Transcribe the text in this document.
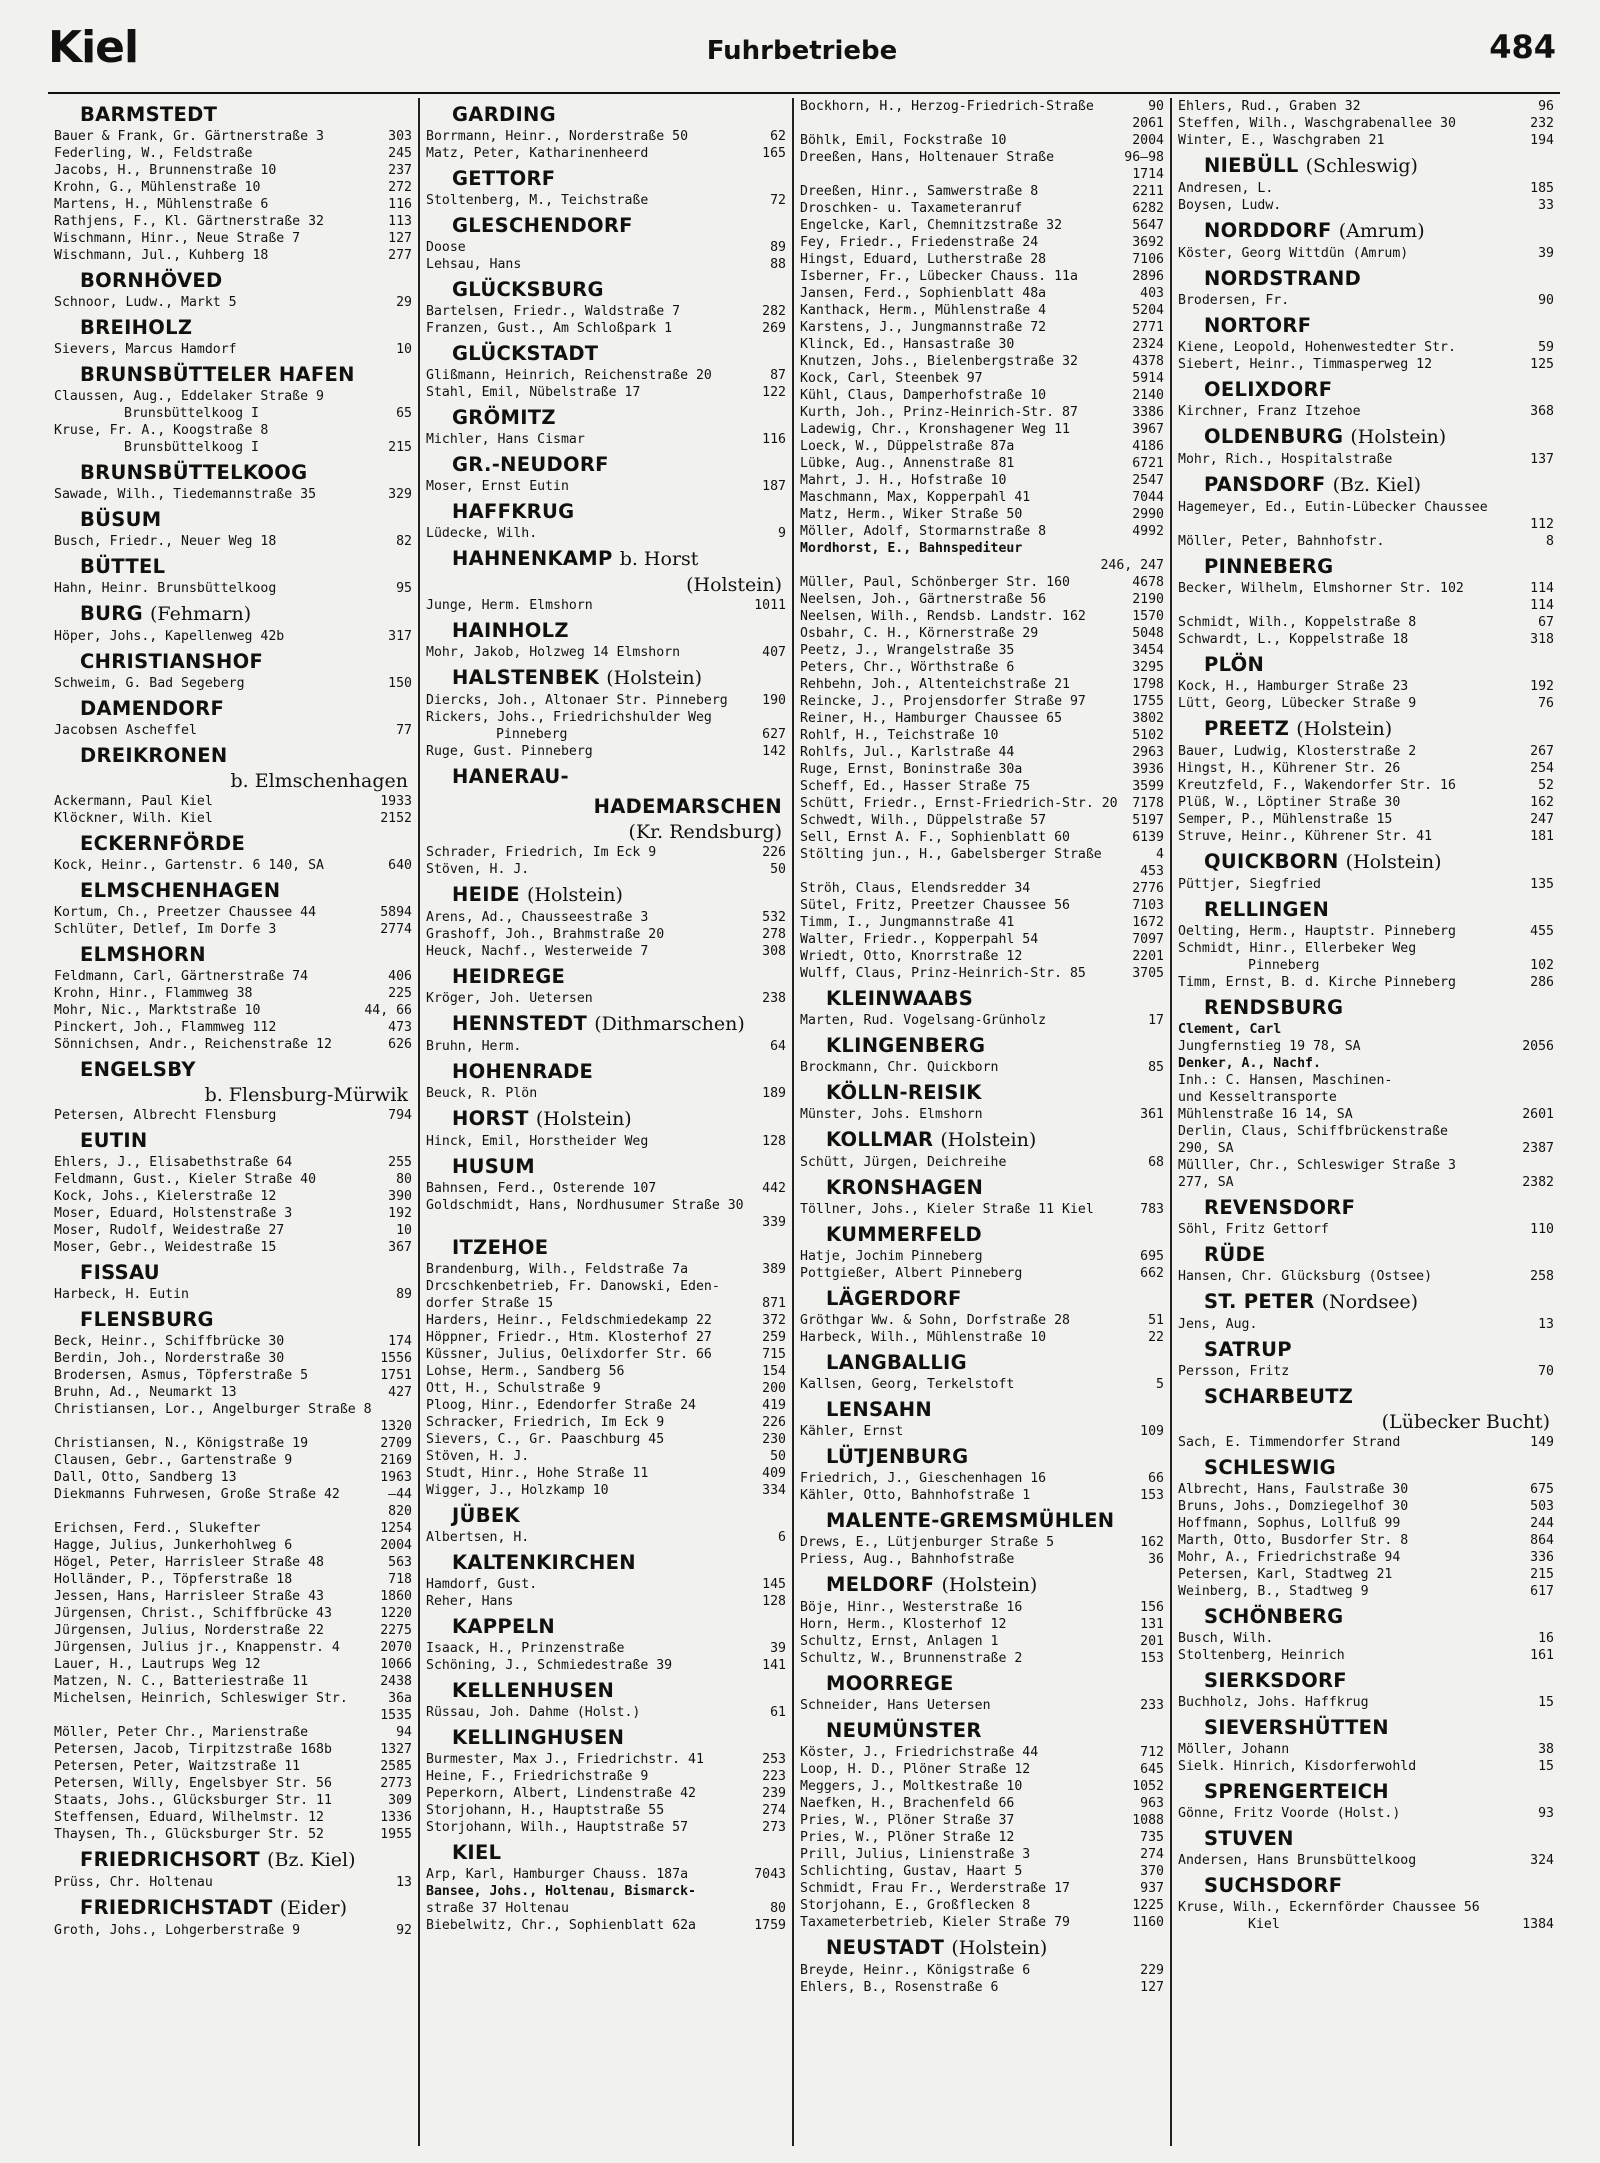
Kiel	Fuhrbetriebe	484
BARMSTEDT
Bauer & Frank, Gr. Gärtnerstraße 3	303
Federling, W., Feldstraße	245
Jacobs, H., Brunnenstraße 10	237
Krohn, G., Mühlenstraße 10	272
Martens, H., Mühlenstraße 6	116
Rathjens, F., Kl. Gärtnerstraße 32	113
Wischmann, Hinr., Neue Straße 7	127
Wischmann, Jul., Kuhberg 18	277
BORNHÖVED
Schnoor, Ludw., Markt 5	29
BREIHOLZ
Sievers, Marcus Hamdorf	10
BRUNSBÜTTELER HAFEN
Claussen, Aug., Eddelaker Straße 9
Brunsbüttelkoog I	65
Kruse, Fr. A., Koogstraße 8
Brunsbüttelkoog I	215
BRUNSBÜTTELKOOG
Sawade, Wilh., Tiedemannstraße 35	329
BÜSUM
Busch, Friedr., Neuer Weg 18	82
BÜTTEL
Hahn, Heinr. Brunsbüttelkoog	95
BURG (Fehmarn)
Höper, Johs., Kapellenweg 42b	317
CHRISTIANSHOF
Schweim, G. Bad Segeberg	150
DAMENDORF
Jacobsen Ascheffel	77
DREIKRONEN
b. Elmschenhagen
Ackermann, Paul Kiel	1933
Klöckner, Wilh. Kiel	2152
ECKERNFÖRDE
Kock, Heinr., Gartenstr. 6 140, SA	640
ELMSCHENHAGEN
Kortum, Ch., Preetzer Chaussee 44	5894
Schlüter, Detlef, Im Dorfe 3	2774
ELMSHORN
Feldmann, Carl, Gärtnerstraße 74	406
Krohn, Hinr., Flammweg 38	225
Mohr, Nic., Marktstraße 10	44, 66
Pinckert, Joh., Flammweg 112	473
Sönnichsen, Andr., Reichenstraße 12	626
ENGELSBY
b. Flensburg-Mürwik
Petersen, Albrecht Flensburg	794
EUTIN
Ehlers, J., Elisabethstraße 64	255
Feldmann, Gust., Kieler Straße 40	80
Kock, Johs., Kielerstraße 12	390
Moser, Eduard, Holstenstraße 3	192
Moser, Rudolf, Weidestraße 27	10
Moser, Gebr., Weidestraße 15	367
FISSAU
Harbeck, H. Eutin	89
FLENSBURG
Beck, Heinr., Schiffbrücke 30	174
Berdin, Joh., Norderstraße 30	1556
Brodersen, Asmus, Töpferstraße 5	1751
Bruhn, Ad., Neumarkt 13	427
Christiansen, Lor., Angelburger Straße 8
1320
Christiansen, N., Königstraße 19	2709
Clausen, Gebr., Gartenstraße 9	2169
Dall, Otto, Sandberg 13	1963
Diekmanns Fuhrwesen, Große Straße 42	—44
820
Erichsen, Ferd., Slukefter	1254
Hagge, Julius, Junkerhohlweg 6	2004
Högel, Peter, Harrisleer Straße 48	563
Holländer, P., Töpferstraße 18	718
Jessen, Hans, Harrisleer Straße 43	1860
Jürgensen, Christ., Schiffbrücke 43	1220
Jürgensen, Julius, Norderstraße 22	2275
Jürgensen, Julius jr., Knappenstr. 4	2070
Lauer, H., Lautrups Weg 12	1066
Matzen, N. C., Batteriestraße 11	2438
Michelsen, Heinrich, Schleswiger Str.	36a
1535
Möller, Peter Chr., Marienstraße	94
Petersen, Jacob, Tirpitzstraße 168b	1327
Petersen, Peter, Waitzstraße 11	2585
Petersen, Willy, Engelsbyer Str. 56	2773
Staats, Johs., Glücksburger Str. 11	309
Steffensen, Eduard, Wilhelmstr. 12	1336
Thaysen, Th., Glücksburger Str. 52	1955
FRIEDRICHSORT (Bz. Kiel)
Prüss, Chr. Holtenau	13
FRIEDRICHSTADT (Eider)
Groth, Johs., Lohgerberstraße 9	92
GARDING
Borrmann, Heinr., Norderstraße 50	62
Matz, Peter, Katharinenheerd	165
GETTORF
Stoltenberg, M., Teichstraße	72
GLESCHENDORF
Doose	89
Lehsau, Hans	88
GLÜCKSBURG
Bartelsen, Friedr., Waldstraße 7	282
Franzen, Gust., Am Schloßpark 1	269
GLÜCKSTADT
Glißmann, Heinrich, Reichenstraße 20	87
Stahl, Emil, Nübelstraße 17	122
GRÖMITZ
Michler, Hans Cismar	116
GR.-NEUDORF
Moser, Ernst Eutin	187
HAFFKRUG
Lüdecke, Wilh.	9
HAHNENKAMP b. Horst
(Holstein)
Junge, Herm. Elmshorn	1011
HAINHOLZ
Mohr, Jakob, Holzweg 14 Elmshorn	407
HALSTENBEK (Holstein)
Diercks, Joh., Altonaer Str. Pinneberg	190
Rickers, Johs., Friedrichshulder Weg
Pinneberg	627
Ruge, Gust. Pinneberg	142
HANERAU-
HADEMARSCHEN
(Kr. Rendsburg)
Schrader, Friedrich, Im Eck 9	226
Stöven, H. J.	50
HEIDE (Holstein)
Arens, Ad., Chausseestraße 3	532
Grashoff, Joh., Brahmstraße 20	278
Heuck, Nachf., Westerweide 7	308
HEIDREGE
Kröger, Joh. Uetersen	238
HENNSTEDT (Dithmarschen)
Bruhn, Herm.	64
HOHENRADE
Beuck, R. Plön	189
HORST (Holstein)
Hinck, Emil, Horstheider Weg	128
HUSUM
Bahnsen, Ferd., Osterende 107	442
Goldschmidt, Hans, Nordhusumer Straße 30
339
ITZEHOE
Brandenburg, Wilh., Feldstraße 7a	389
Drcschkenbetrieb, Fr. Danowski, Eden-
dorfer Straße 15	871
Harders, Heinr., Feldschmiedekamp 22	372
Höppner, Friedr., Htm. Klosterhof 27	259
Küssner, Julius, Oelixdorfer Str. 66	715
Lohse, Herm., Sandberg 56	154
Ott, H., Schulstraße 9	200
Ploog, Hinr., Edendorfer Straße 24	419
Schracker, Friedrich, Im Eck 9	226
Sievers, C., Gr. Paaschburg 45	230
Stöven, H. J.	50
Studt, Hinr., Hohe Straße 11	409
Wigger, J., Holzkamp 10	334
JÜBEK
Albertsen, H.	6
KALTENKIRCHEN
Hamdorf, Gust.	145
Reher, Hans	128
KAPPELN
Isaack, H., Prinzenstraße	39
Schöning, J., Schmiedestraße 39	141
KELLENHUSEN
Rüssau, Joh. Dahme (Holst.)	61
KELLINGHUSEN
Burmester, Max J., Friedrichstr. 41	253
Heine, F., Friedrichstraße 9	223
Peperkorn, Albert, Lindenstraße 42	239
Storjohann, H., Hauptstraße 55	274
Storjohann, Wilh., Hauptstraße 57	273
KIEL
Arp, Karl, Hamburger Chauss. 187a	7043
Bansee, Johs., Holtenau, Bismarck-
straße 37 Holtenau	80
Biebelwitz, Chr., Sophienblatt 62a	1759
Bockhorn, H., Herzog-Friedrich-Straße	90
2061
Böhlk, Emil, Fockstraße 10	2004
Dreeßen, Hans, Holtenauer Straße	96—98
1714
Dreeßen, Hinr., Samwerstraße 8	2211
Droschken- u. Taxameteranruf	6282
Engelcke, Karl, Chemnitzstraße 32	5647
Fey, Friedr., Friedenstraße 24	3692
Hingst, Eduard, Lutherstraße 28	7106
Isberner, Fr., Lübecker Chauss. 11a	2896
Jansen, Ferd., Sophienblatt 48a	403
Kanthack, Herm., Mühlenstraße 4	5204
Karstens, J., Jungmannstraße 72	2771
Klinck, Ed., Hansastraße 30	2324
Knutzen, Johs., Bielenbergstraße 32	4378
Kock, Carl, Steenbek 97	5914
Kühl, Claus, Damperhofstraße 10	2140
Kurth, Joh., Prinz-Heinrich-Str. 87	3386
Ladewig, Chr., Kronshagener Weg 11	3967
Loeck, W., Düppelstraße 87a	4186
Lübke, Aug., Annenstraße 81	6721
Mahrt, J. H., Hofstraße 10	2547
Maschmann, Max, Kopperpahl 41	7044
Matz, Herm., Wiker Straße 50	2990
Möller, Adolf, Stormarnstraße 8	4992
Mordhorst, E., Bahnspediteur
246, 247
Müller, Paul, Schönberger Str. 160	4678
Neelsen, Joh., Gärtnerstraße 56	2190
Neelsen, Wilh., Rendsb. Landstr. 162	1570
Osbahr, C. H., Körnerstraße 29	5048
Peetz, J., Wrangelstraße 35	3454
Peters, Chr., Wörthstraße 6	3295
Rehbehn, Joh., Altenteichstraße 21	1798
Reincke, J., Projensdorfer Straße 97	1755
Reiner, H., Hamburger Chaussee 65	3802
Rohlf, H., Teichstraße 10	5102
Rohlfs, Jul., Karlstraße 44	2963
Ruge, Ernst, Boninstraße 30a	3936
Scheff, Ed., Hasser Straße 75	3599
Schütt, Friedr., Ernst-Friedrich-Str. 20	7178
Schwedt, Wilh., Düppelstraße 57	5197
Sell, Ernst A. F., Sophienblatt 60	6139
Stölting jun., H., Gabelsberger Straße	4
453
Ströh, Claus, Elendsredder 34	2776
Sütel, Fritz, Preetzer Chaussee 56	7103
Timm, I., Jungmannstraße 41	1672
Walter, Friedr., Kopperpahl 54	7097
Wriedt, Otto, Knorrstraße 12	2201
Wulff, Claus, Prinz-Heinrich-Str. 85	3705
KLEINWAABS
Marten, Rud. Vogelsang-Grünholz	17
KLINGENBERG
Brockmann, Chr. Quickborn	85
KÖLLN-REISIK
Münster, Johs. Elmshorn	361
KOLLMAR (Holstein)
Schütt, Jürgen, Deichreihe	68
KRONSHAGEN
Töllner, Johs., Kieler Straße 11 Kiel	783
KUMMERFELD
Hatje, Jochim Pinneberg	695
Pottgießer, Albert Pinneberg	662
LÄGERDORF
Gröthgar Ww. & Sohn, Dorfstraße 28	51
Harbeck, Wilh., Mühlenstraße 10	22
LANGBALLIG
Kallsen, Georg, Terkelstoft	5
LENSAHN
Kähler, Ernst	109
LÜTJENBURG
Friedrich, J., Gieschenhagen 16	66
Kähler, Otto, Bahnhofstraße 1	153
MALENTE-GREMSMÜHLEN
Drews, E., Lütjenburger Straße 5	162
Priess, Aug., Bahnhofstraße	36
MELDORF (Holstein)
Böje, Hinr., Westerstraße 16	156
Horn, Herm., Klosterhof 12	131
Schultz, Ernst, Anlagen 1	201
Schultz, W., Brunnenstraße 2	153
MOORREGE
Schneider, Hans Uetersen	233
NEUMÜNSTER
Köster, J., Friedrichstraße 44	712
Loop, H. D., Plöner Straße 12	645
Meggers, J., Moltkestraße 10	1052
Naefken, H., Brachenfeld 66	963
Pries, W., Plöner Straße 37	1088
Pries, W., Plöner Straße 12	735
Prill, Julius, Linienstraße 3	274
Schlichting, Gustav, Haart 5	370
Schmidt, Frau Fr., Werderstraße 17	937
Storjohann, E., Großflecken 8	1225
Taxameterbetrieb, Kieler Straße 79	1160
NEUSTADT (Holstein)
Breyde, Heinr., Königstraße 6	229
Ehlers, B., Rosenstraße 6	127
Ehlers, Rud., Graben 32	96
Steffen, Wilh., Waschgrabenallee 30	232
Winter, E., Waschgraben 21	194
NIEBÜLL (Schleswig)
Andresen, L.	185
Boysen, Ludw.	33
NORDDORF (Amrum)
Köster, Georg Wittdün (Amrum)	39
NORDSTRAND
Brodersen, Fr.	90
NORTORF
Kiene, Leopold, Hohenwestedter Str.	59
Siebert, Heinr., Timmasperweg 12	125
OELIXDORF
Kirchner, Franz Itzehoe	368
OLDENBURG (Holstein)
Mohr, Rich., Hospitalstraße	137
PANSDORF (Bz. Kiel)
Hagemeyer, Ed., Eutin-Lübecker Chaussee
112
Möller, Peter, Bahnhofstr.	8
PINNEBERG
Becker, Wilhelm, Elmshorner Str. 102	114
114
Schmidt, Wilh., Koppelstraße 8	67
Schwardt, L., Koppelstraße 18	318
PLÖN
Kock, H., Hamburger Straße 23	192
Lütt, Georg, Lübecker Straße 9	76
PREETZ (Holstein)
Bauer, Ludwig, Klosterstraße 2	267
Hingst, H., Kührener Str. 26	254
Kreutzfeld, F., Wakendorfer Str. 16	52
Plüß, W., Löptiner Straße 30	162
Semper, P., Mühlenstraße 15	247
Struve, Heinr., Kührener Str. 41	181
QUICKBORN (Holstein)
Püttjer, Siegfried	135
RELLINGEN
Oelting, Herm., Hauptstr. Pinneberg	455
Schmidt, Hinr., Ellerbeker Weg
Pinneberg	102
Timm, Ernst, B. d. Kirche Pinneberg	286
RENDSBURG
Clement, Carl
Jungfernstieg 19 78, SA	2056
Denker, A., Nachf.
Inh.: C. Hansen, Maschinen-
und Kesseltransporte
Mühlenstraße 16 14, SA	2601
Derlin, Claus, Schiffbrückenstraße
290, SA	2387
Mülller, Chr., Schleswiger Straße 3
277, SA	2382
REVENSDORF
Söhl, Fritz Gettorf	110
RÜDE
Hansen, Chr. Glücksburg (Ostsee)	258
ST. PETER (Nordsee)
Jens, Aug.	13
SATRUP
Persson, Fritz	70
SCHARBEUTZ
(Lübecker Bucht)
Sach, E. Timmendorfer Strand	149
SCHLESWIG
Albrecht, Hans, Faulstraße 30	675
Bruns, Johs., Domziegelhof 30	503
Hoffmann, Sophus, Lollfuß 99	244
Marth, Otto, Busdorfer Str. 8	864
Mohr, A., Friedrichstraße 94	336
Petersen, Karl, Stadtweg 21	215
Weinberg, B., Stadtweg 9	617
SCHÖNBERG
Busch, Wilh.	16
Stoltenberg, Heinrich	161
SIERKSDORF
Buchholz, Johs. Haffkrug	15
SIEVERSHÜTTEN
Möller, Johann	38
Sielk. Hinrich, Kisdorferwohld	15
SPRENGERTEICH
Gönne, Fritz Voorde (Holst.)	93
STUVEN
Andersen, Hans Brunsbüttelkoog	324
SUCHSDORF
Kruse, Wilh., Eckernförder Chaussee 56
Kiel	1384
